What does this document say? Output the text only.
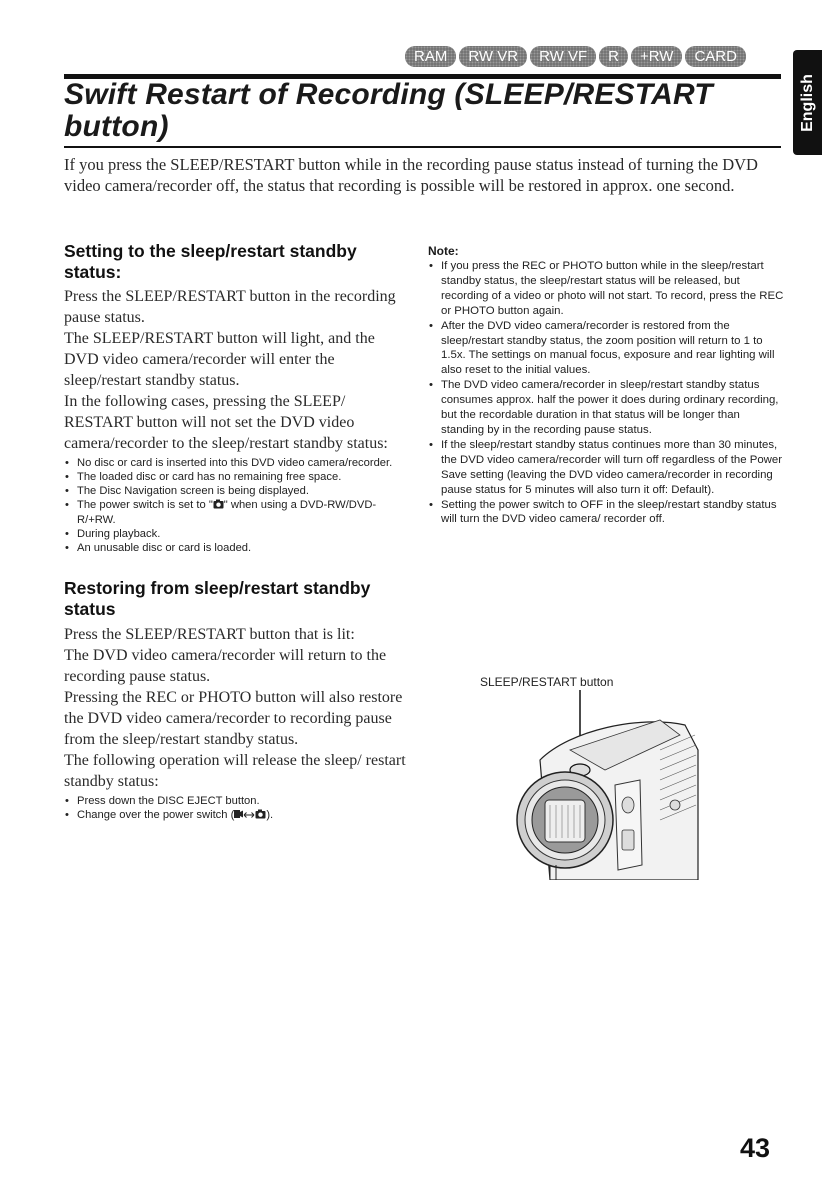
RAM	RW VR	RW VF	R	+RW	CARD
English
Swift Restart of Recording (SLEEP/RESTART button)

If you press the SLEEP/RESTART button while in the recording pause status instead of turning the DVD video camera/recorder off, the status that recording is possible will be restored in approx. one second.

Setting to the sleep/restart standby status:

Press the SLEEP/RESTART button in the recording pause status.

The SLEEP/RESTART button will light, and the DVD video camera/recorder will enter the sleep/restart standby status.

In the following cases, pressing the SLEEP/ RESTART button will not set the DVD video camera/recorder to the sleep/restart standby status:

• No disc or card is inserted into this DVD video camera/recorder.
• The loaded disc or card has no remaining free space.
• The Disc Navigation screen is being displayed.
• The power switch is set to " " when using a DVD-RW/DVD-R/+RW.
• During playback.
• An unusable disc or card is loaded.
Restoring from sleep/restart standby status

Press the SLEEP/RESTART button that is lit:

The DVD video camera/recorder will return to the recording pause status.

Pressing the REC or PHOTO button will also restore the DVD video camera/recorder to recording pause from the sleep/restart standby status.

The following operation will release the sleep/ restart standby status:

• Press down the DISC EJECT button.
• Change over the power switch (	).

Note:

• If you press the REC or PHOTO button while in the sleep/restart standby status, the sleep/restart status will be released, but recording of a video or photo will not start. To record, press the REC or PHOTO button again.
• After the DVD video camera/recorder is restored from the sleep/restart standby status, the zoom position will return to 1 to 1.5x. The settings on manual focus, exposure and rear lighting will also reset to the initial values.
• The DVD video camera/recorder in sleep/restart standby status consumes approx. half the power it does during ordinary recording, but the recordable duration in that status will be longer than standing by in the recording pause status.
• If the sleep/restart standby status continues more than 30 minutes, the DVD video camera/recorder will turn off regardless of the Power Save setting (leaving the DVD video camera/recorder in recording pause status for 5 minutes will also turn it off: Default).
• Setting the power switch to OFF in the sleep/restart standby status will turn the DVD video camera/ recorder off.
SLEEP/RESTART button
43
